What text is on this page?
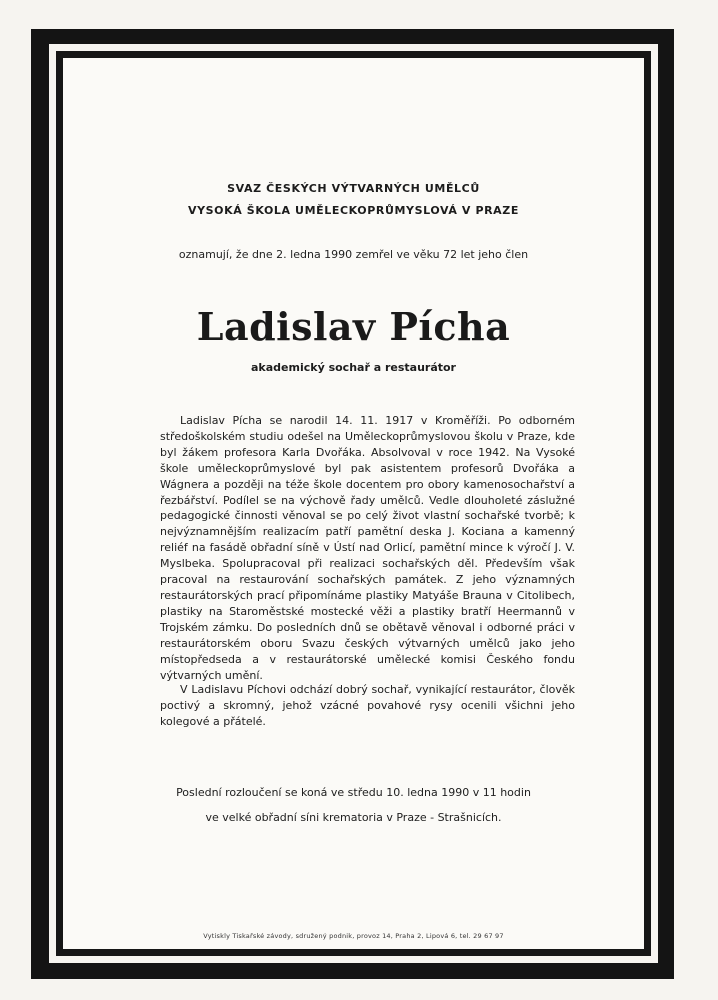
SVAZ ČESKÝCH VÝTVARNÝCH UMĚLCŮ
VYSOKÁ ŠKOLA UMĚLECKOPRŮMYSLOVÁ V PRAZE
oznamují, že dne 2. ledna 1990 zemřel ve věku 72 let jeho člen
Ladislav Pícha
akademický sochař a restaurátor
Ladislav Pícha se narodil 14. 11. 1917 v Kroměříži. Po odborném středoškolském studiu odešel na Uměleckoprůmyslovou školu v Praze, kde byl žákem profesora Karla Dvořáka. Absolvoval v roce 1942. Na Vysoké škole uměleckoprůmyslové byl pak asistentem profesorů Dvořáka a Wágnera a později na téže škole docentem pro obory kamenosochařství a řezbářství. Podílel se na výchově řady umělců. Vedle dlouholeté záslužné pedagogické činnosti věnoval se po celý život vlastní sochařské tvorbě; k nejvýznamnějším realizacím patří pamětní deska J. Kociana a kamenný reliéf na fasádě obřadní síně v Ústí nad Orlicí, pamětní mince k výročí J. V. Myslbeka. Spolupracoval při realizaci sochařských děl. Především však pracoval na restaurování sochařských památek. Z jeho významných restaurátorských prací připomínáme plastiky Matyáše Brauna v Citolibech, plastiky na Staroměstské mostecké věži a plastiky bratří Heermannů v Trojském zámku. Do posledních dnů se obětavě věnoval i odborné práci v restaurátorském oboru Svazu českých výtvarných umělců jako jeho místopředseda a v restaurátorské umělecké komisi Českého fondu výtvarných umění.
V Ladislavu Píchovi odchází dobrý sochař, vynikající restaurátor, člověk poctivý a skromný, jehož vzácné povahové rysy ocenili všichni jeho kolegové a přátelé.
Poslední rozloučení se koná ve středu 10. ledna 1990 v 11 hodin
ve velké obřadní síni krematoria v Praze - Strašnicích.
Vytiskly Tiskařské závody, sdružený podnik, provoz 14, Praha 2, Lipová 6, tel. 29 67 97
